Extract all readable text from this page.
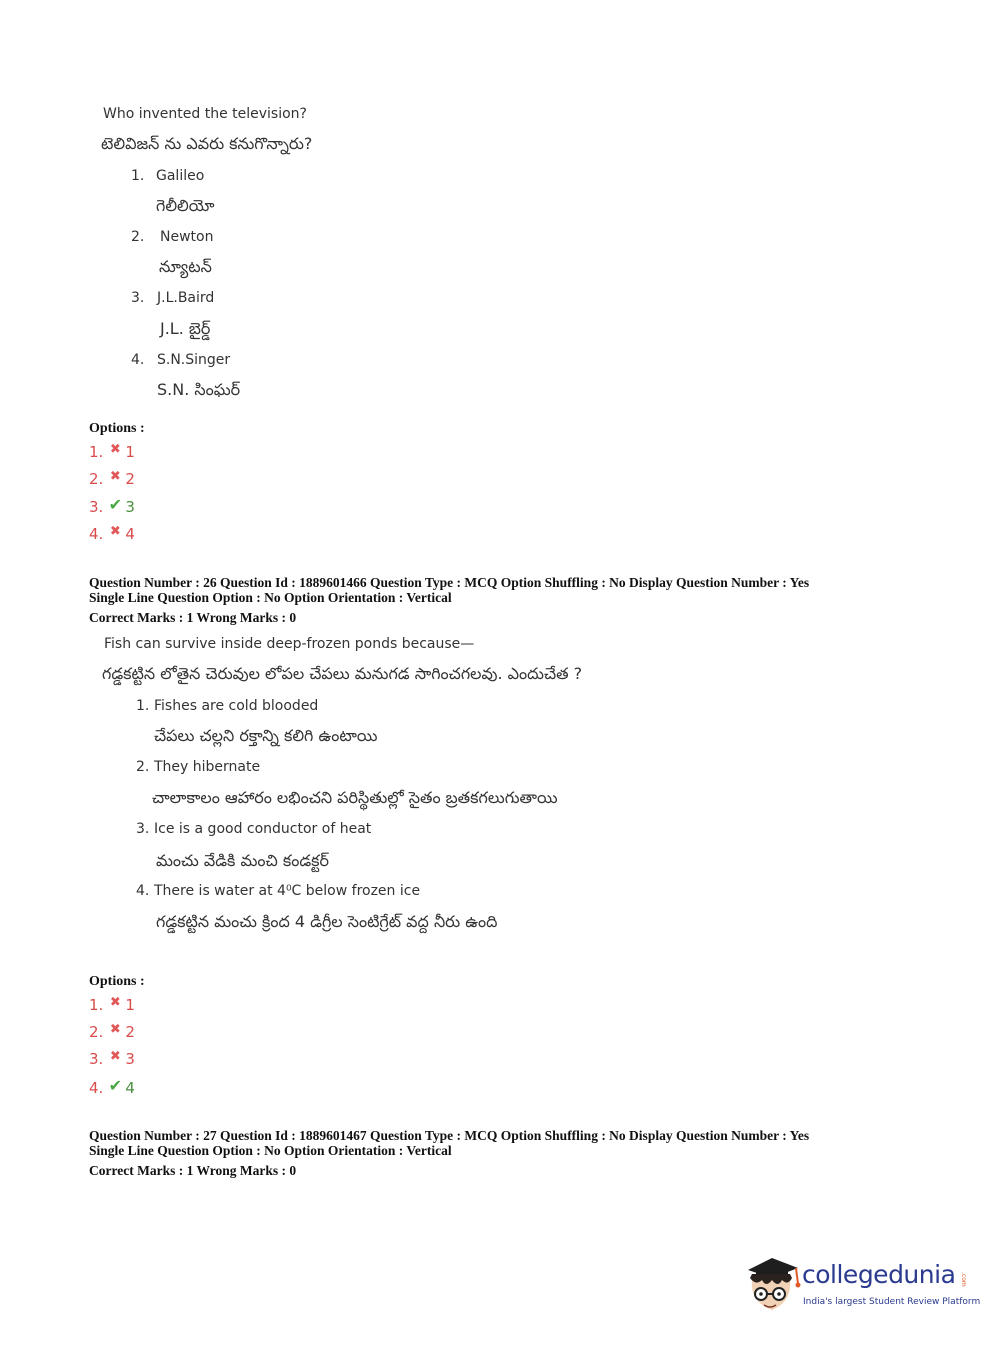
Who invented the television?
టెలివిజన్ ను ఎవరు కనుగొన్నారు?
1. Galileo
గెలీలియో
2. Newton
న్యూటన్
3. J.L.Baird
J.L. బైర్డ్
4. S.N.Singer
S.N. సింఘర్
Options :
1. ✖ 1
2. ✖ 2
3. ✔ 3
4. ✖ 4
Question Number : 26 Question Id : 1889601466 Question Type : MCQ Option Shuffling : No Display Question Number : Yes
Single Line Question Option : No Option Orientation : Vertical
Correct Marks : 1 Wrong Marks : 0
Fish can survive inside deep-frozen ponds because—
గడ్డకట్టిన లోతైన చెరువుల లోపల చేపలు మనుగడ సాగించగలవు. ఎందుచేత ?
1. Fishes are cold blooded
చేపలు చల్లని రక్తాన్ని కలిగి ఉంటాయి
2. They hibernate
చాలాకాలం ఆహారం లభించని పరిస్థితుల్లో సైతం బ్రతకగలుగుతాయి
3. Ice is a good conductor of heat
మంచు వేడికి మంచి కండక్టర్
4. There is water at 4⁰C below frozen ice
గడ్డకట్టిన మంచు క్రింద 4 డిగ్రీల సెంటిగ్రేట్ వద్ద నీరు ఉంది
Options :
1. ✖ 1
2. ✖ 2
3. ✖ 3
4. ✔ 4
Question Number : 27 Question Id : 1889601467 Question Type : MCQ Option Shuffling : No Display Question Number : Yes
Single Line Question Option : No Option Orientation : Vertical
Correct Marks : 1 Wrong Marks : 0
collegedunia .com
India's largest Student Review Platform
